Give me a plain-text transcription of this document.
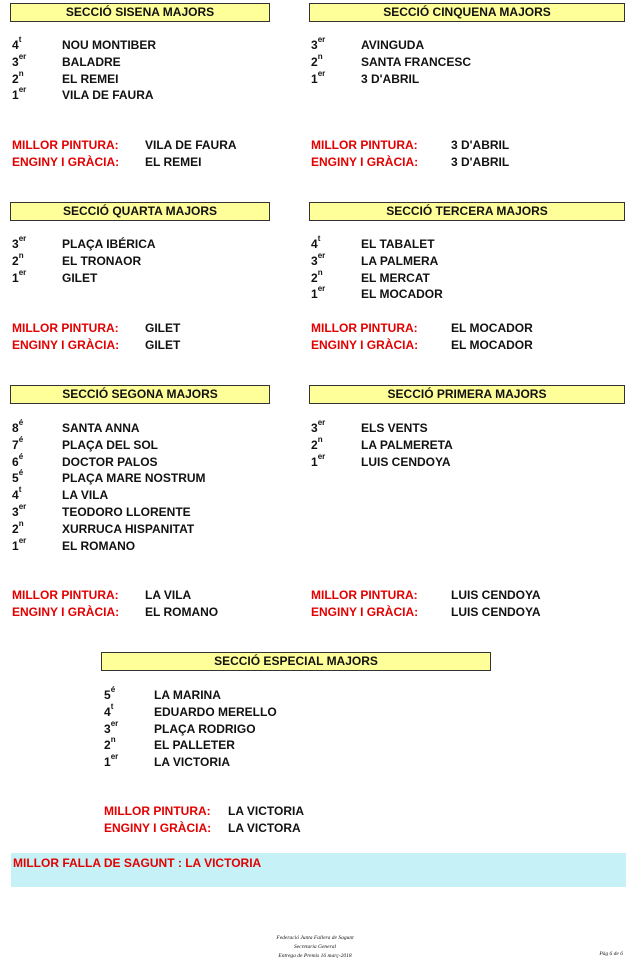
SECCIÓ SISENA MAJORS
4$^t$	NOU MONTIBER
3er	BALADRE
2$^n$	EL REMEI
1er	VILA DE FAURA
MILLOR PINTURA: VILA DE FAURA
ENGINY I GRÀCIA: EL REMEI
SECCIÓ CINQUENA MAJORS
3er	AVINGUDA
2$^n$	SANTA FRANCESC
1er	3 D'ABRIL
MILLOR PINTURA:	3 D'ABRIL
ENGINY I GRÀCIA:	3 D'ABRIL
SECCIÓ QUARTA MAJORS
3er	PLAÇA IBÉRICA
2$^n$	EL TRONAOR
1er	GILET
MILLOR PINTURA: GILET
ENGINY I GRÀCIA: GILET
SECCIÓ TERCERA MAJORS
4$^t$	EL TABALET
3er	LA PALMERA
2$^n$	EL MERCAT
1er	EL MOCADOR
MILLOR PINTURA:	EL MOCADOR
ENGINY I GRÀCIA:	EL MOCADOR
SECCIÓ SEGONA MAJORS
$8^é$	SANTA ANNA
$7^é$	PLAÇA DEL SOL
$6^é$	DOCTOR PALOS
$5^é$	PLAÇA MARE NOSTRUM
4$^t$	LA VILA
3er	TEODORO LLORENTE
2$^n$	XURRUCA HISPANITAT
1er	EL ROMANO
MILLOR PINTURA: LA VILA
ENGINY I GRÀCIA: EL ROMANO
SECCIÓ PRIMERA MAJORS
3er	ELS VENTS
2$^n$	LA PALMERETA
1er	LUIS CENDOYA
MILLOR PINTURA:	LUIS CENDOYA
ENGINY I GRÀCIA:	LUIS CENDOYA
SECCIÓ ESPECIAL MAJORS
$5^é$	LA MARINA
4$^t$	EDUARDO MERELLO
3er	PLAÇA RODRIGO
2$^n$	EL PALLETER
1er	LA VICTORIA
MILLOR PINTURA: LA VICTORIA
ENGINY I GRÀCIA: LA VICTORA
MILLOR FALLA DE SAGUNT : LA VICTORIA
Federació Junta Fallera de Sagunt
Secretaria General
Entrega de Premis 16 març-2018	Pàg 6 de 6
